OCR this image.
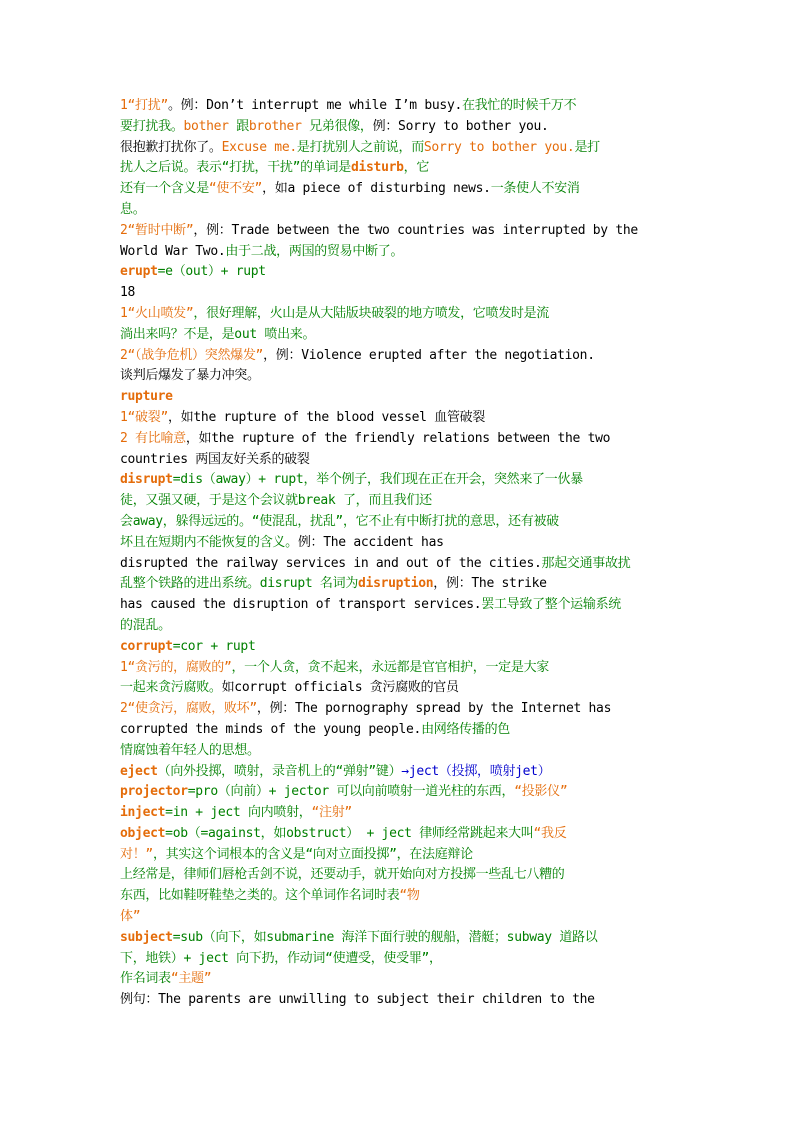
1“打扰”。例：Don’t interrupt me while I’m busy.在我忙的时候千万不
要打扰我。bother 跟brother 兄弟很像，例：Sorry to bother you.
很抱歉打扰你了。Excuse me.是打扰别人之前说，而Sorry to bother you.是打
扰人之后说。表示“打扰，干扰”的单词是disturb，它
还有一个含义是“使不安”，如a piece of disturbing news.一条使人不安消
息。
2“暂时中断”，例：Trade between the two countries was interrupted by the
World War Two.由于二战，两国的贸易中断了。
erupt=e（out）+ rupt
18
1“火山喷发”，很好理解，火山是从大陆版块破裂的地方喷发，它喷发时是流
淌出来吗？不是，是out 喷出来。
2“（战争危机）突然爆发”，例：Violence erupted after the negotiation.
谈判后爆发了暴力冲突。
rupture
1“破裂”，如the rupture of the blood vessel 血管破裂
2 有比喻意，如the rupture of the friendly relations between the two
countries 两国友好关系的破裂
disrupt=dis（away）+ rupt，举个例子，我们现在正在开会，突然来了一伙暴
徒，又强又硬，于是这个会议就break 了，而且我们还
会away，躲得远远的。“使混乱，扰乱”，它不止有中断打扰的意思，还有被破
坏且在短期内不能恢复的含义。例：The accident has
disrupted the railway services in and out of the cities.那起交通事故扰
乱整个铁路的进出系统。disrupt 名词为disruption，例：The strike
has caused the disruption of transport services.罢工导致了整个运输系统
的混乱。
corrupt=cor + rupt
1“贪污的，腐败的”，一个人贪，贪不起来，永远都是官官相护，一定是大家
一起来贪污腐败。如corrupt officials 贪污腐败的官员
2“使贪污，腐败，败坏”，例：The pornography spread by the Internet has
corrupted the minds of the young people.由网络传播的色
情腐蚀着年轻人的思想。
eject（向外投掷，喷射，录音机上的“弹射”键）→ject（投掷，喷射jet）
projector=pro（向前）+ jector 可以向前喷射一道光柱的东西，“投影仪”
inject=in + ject 向内喷射，“注射”
object=ob（=against，如obstruct） + ject 律师经常跳起来大叫“我反
对！”，其实这个词根本的含义是“向对立面投掷”，在法庭辩论
上经常是，律师们唇枪舌剑不说，还要动手，就开始向对方投掷一些乱七八糟的
东西，比如鞋呀鞋垫之类的。这个单词作名词时表“物
体”
subject=sub（向下，如submarine 海洋下面行驶的舰船，潜艇；subway 道路以
下，地铁）+ ject 向下扔，作动词“使遭受，使受罪”，
作名词表“主题”
例句：The parents are unwilling to subject their children to the
